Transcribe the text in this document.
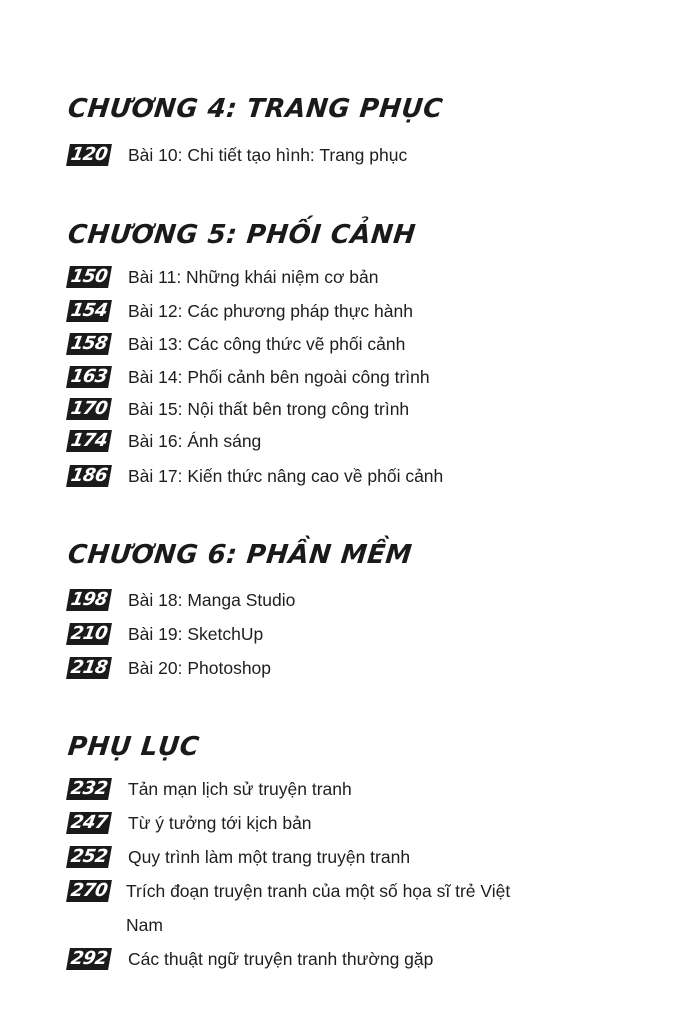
CHƯƠNG 4: TRANG PHỤC
120 Bài 10: Chi tiết tạo hình: Trang phục
CHƯƠNG 5: PHỐI CẢNH
150 Bài 11: Những khái niệm cơ bản
154 Bài 12: Các phương pháp thực hành
158 Bài 13: Các công thức vẽ phối cảnh
163 Bài 14: Phối cảnh bên ngoài công trình
170 Bài 15: Nội thất bên trong công trình
174 Bài 16: Ánh sáng
186 Bài 17: Kiến thức nâng cao về phối cảnh
CHƯƠNG 6: PHẦN MỀM
198 Bài 18: Manga Studio
210 Bài 19: SketchUp
218 Bài 20: Photoshop
PHỤ LỤC
232 Tản mạn lịch sử truyện tranh
247 Từ ý tưởng tới kịch bản
252 Quy trình làm một trang truyện tranh
270 Trích đoạn truyện tranh của một số họa sĩ trẻ Việt Nam
292 Các thuật ngữ truyện tranh thường gặp
